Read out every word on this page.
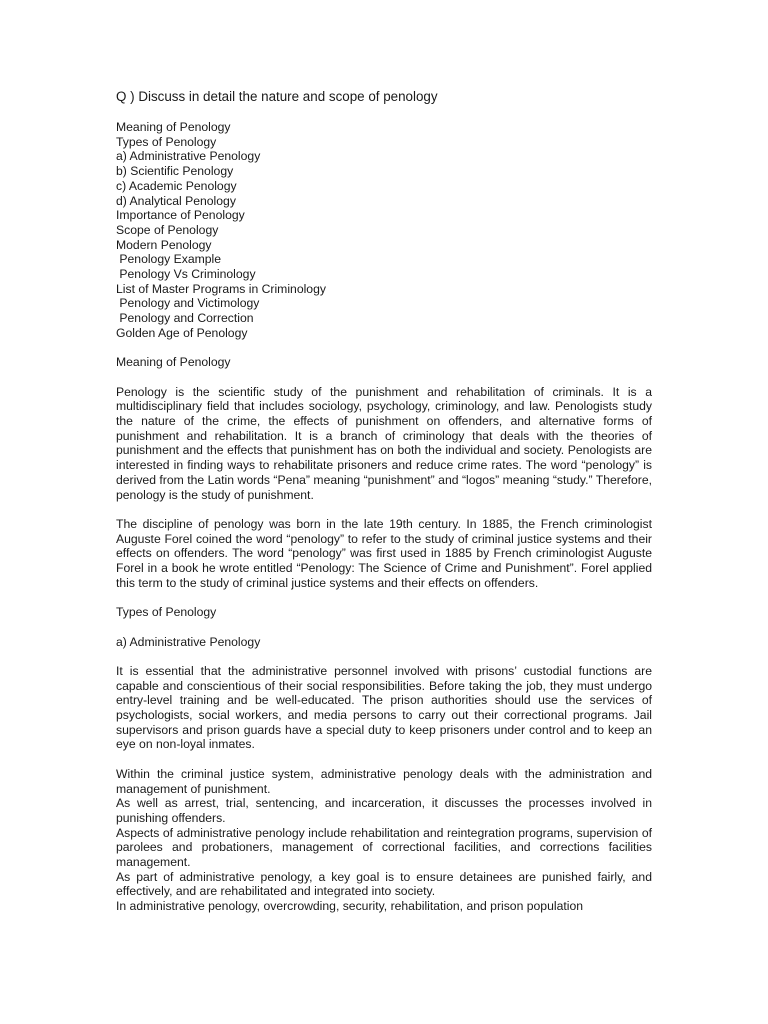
Q ) Discuss in detail the nature and scope of penology
Meaning of Penology
Types of Penology
a) Administrative Penology
b) Scientific Penology
c) Academic Penology
d) Analytical Penology
Importance of Penology
Scope of Penology
Modern Penology
Penology Example
Penology Vs Criminology
List of Master Programs in Criminology
Penology and Victimology
Penology and Correction
Golden Age of Penology
Meaning of Penology

Penology is the scientific study of the punishment and rehabilitation of criminals. It is a multidisciplinary field that includes sociology, psychology, criminology, and law. Penologists study the nature of the crime, the effects of punishment on offenders, and alternative forms of punishment and rehabilitation. It is a branch of criminology that deals with the theories of punishment and the effects that punishment has on both the individual and society. Penologists are interested in finding ways to rehabilitate prisoners and reduce crime rates. The word “penology” is derived from the Latin words “Pena” meaning “punishment” and “logos” meaning “study.” Therefore, penology is the study of punishment.

The discipline of penology was born in the late 19th century. In 1885, the French criminologist Auguste Forel coined the word “penology” to refer to the study of criminal justice systems and their effects on offenders. The word “penology” was first used in 1885 by French criminologist Auguste Forel in a book he wrote entitled “Penology: The Science of Crime and Punishment”. Forel applied this term to the study of criminal justice systems and their effects on offenders.

Types of Penology
a) Administrative Penology

It is essential that the administrative personnel involved with prisons’ custodial functions are capable and conscientious of their social responsibilities. Before taking the job, they must undergo entry-level training and be well-educated. The prison authorities should use the services of psychologists, social workers, and media persons to carry out their correctional programs. Jail supervisors and prison guards have a special duty to keep prisoners under control and to keep an eye on non-loyal inmates.

Within the criminal justice system, administrative penology deals with the administration and management of punishment.

As well as arrest, trial, sentencing, and incarceration, it discusses the processes involved in punishing offenders.

Aspects of administrative penology include rehabilitation and reintegration programs, supervision of parolees and probationers, management of correctional facilities, and corrections facilities management.

As part of administrative penology, a key goal is to ensure detainees are punished fairly, and effectively, and are rehabilitated and integrated into society.

In administrative penology, overcrowding, security, rehabilitation, and prison population
